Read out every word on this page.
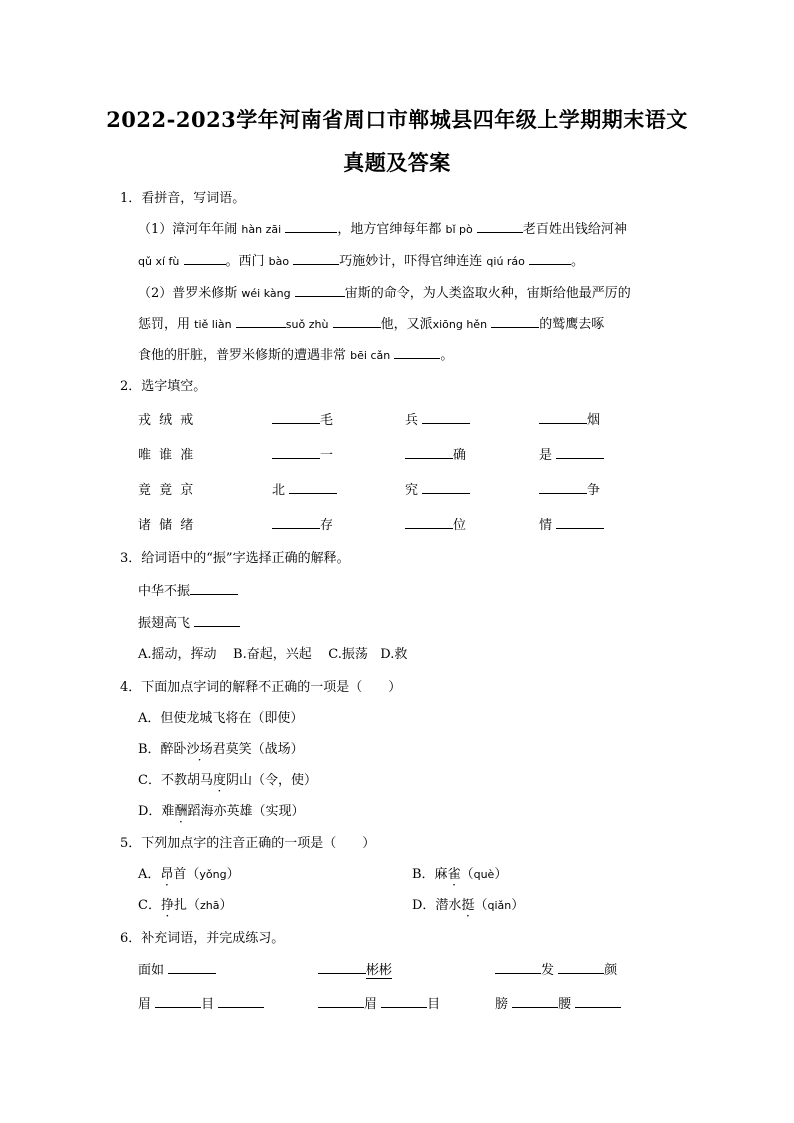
2022-2023学年河南省周口市郸城县四年级上学期期末语文
真题及答案
1．看拼音，写词语。
（1）漳河年年闹 hàn zāi	，地方官绅每年都 bǐ pò	老百姓出钱给河神
qǔ xí fù	。西门 bào	巧施妙计，吓得官绅连连 qiú ráo	。
（2）普罗米修斯 wéi kàng	宙斯的命令，为人类盗取火种，宙斯给他最严厉的
惩罚，用 tiě liàn	suǒ zhù	他，又派xiōng hěn	的鹫鹰去啄
食他的肝脏，普罗米修斯的遭遇非常 bēi cǎn	。
2．选字填空。
戎 绒 戒	毛	兵	烟
唯 谁 准	一	确	是
竟 竟 京	北	究	争
诸 储 绪	存	位	情
3．给词语中的“振”字选择正确的解释。
中华不振
振翅高飞
A.摇动，挥动    B.奋起，兴起    C.振荡   D.救
4．下面加点字词的解释不正确的一项是（　　）
A．但使龙城飞将在（即使）
B．醉卧沙场君莫笑（战场）
C．不教胡马度阴山（令，使）
D．难酬蹈海亦英雄（实现）
5．下列加点字的注音正确的一项是（　　）
A．昂首（yǒng）	B．麻雀（què）
C．挣扎（zhā）	D．潜水挺（qiǎn）
6．补充词语，并完成练习。
面如	彬彬	发	颜
眉	目	眉	目	膀	腰
